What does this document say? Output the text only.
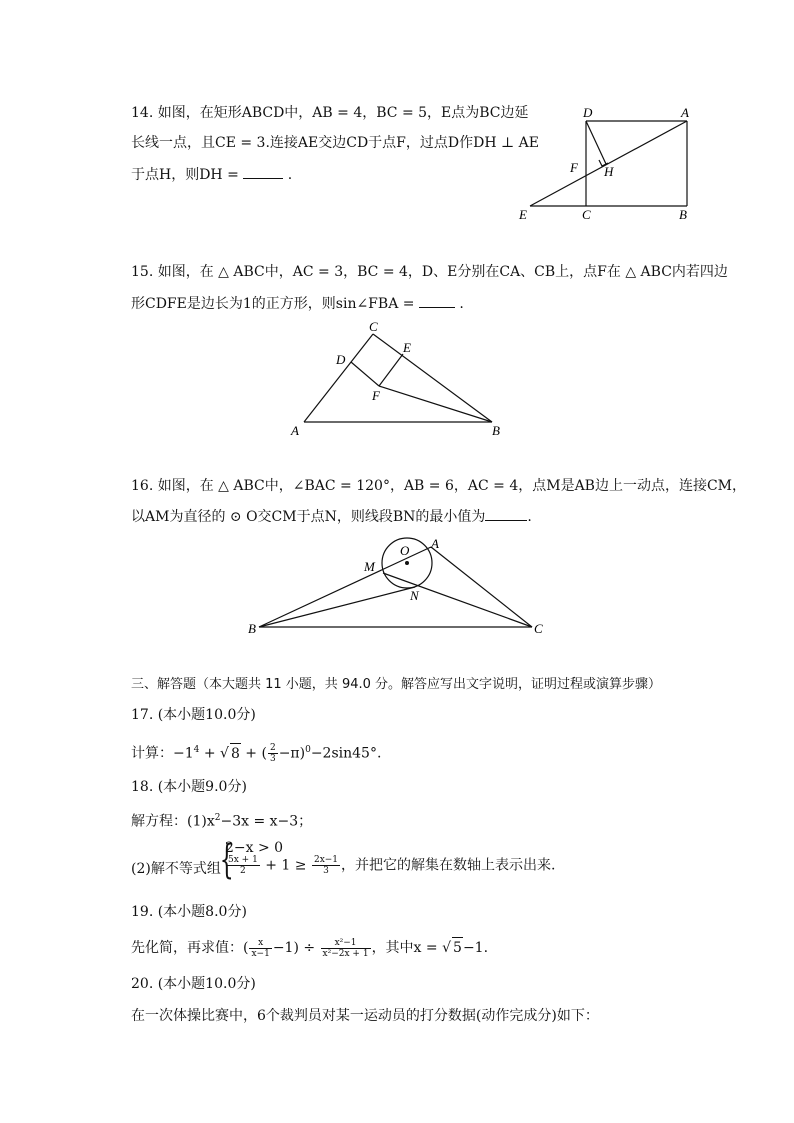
14. 如图，在矩形ABCD中，AB = 4，BC = 5，E点为BC边延
长线一点，且CE = 3.连接AE交边CD于点F，过点D作DH ⊥ AE
于点H，则DH =	.
D	A
F H
E	C	B
15. 如图，在 △ ABC中，AC = 3，BC = 4，D、E分别在CA、CB上，点F在 △ ABC内若四边
形CDFE是边长为1的正方形，则sin∠FBA =	.
C
D
E
F
A	B
16. 如图，在 △ ABC中，∠BAC = 120°，AB = 6，AC = 4，点M是AB边上一动点，连接CM，
以AM为直径的 ⊙ O交CM于点N，则线段BN的最小值为	.
O A
M
N
B	C
三、解答题（本大题共 11 小题，共 94.0 分。解答应写出文字说明，证明过程或演算步骤）
17. (本小题10.0分)
计算：$-1^4$ + √ 8 + ( $\frac{2}{3} -\pi)^0-2\sin 45^\circ$.
18. (本小题9.0分)
解方程：$(1)x^2-3x = x-3$；
(2)解不等式组
{
2−x > 0
$\frac{5x + 1}{2} + 1 \ge \frac{2x-1}{3}$ ，并把它的解集在数轴上表示出来.
19. (本小题8.0分)
先化简，再求值：( $\frac{x}{x-1} -1) \div \frac{\text{x²−1}}{\text{x²−2x + 1}}$ ，其中x = √ 5−1.
20. (本小题10.0分)
在一次体操比赛中，6个裁判员对某一运动员的打分数据(动作完成分)如下：
